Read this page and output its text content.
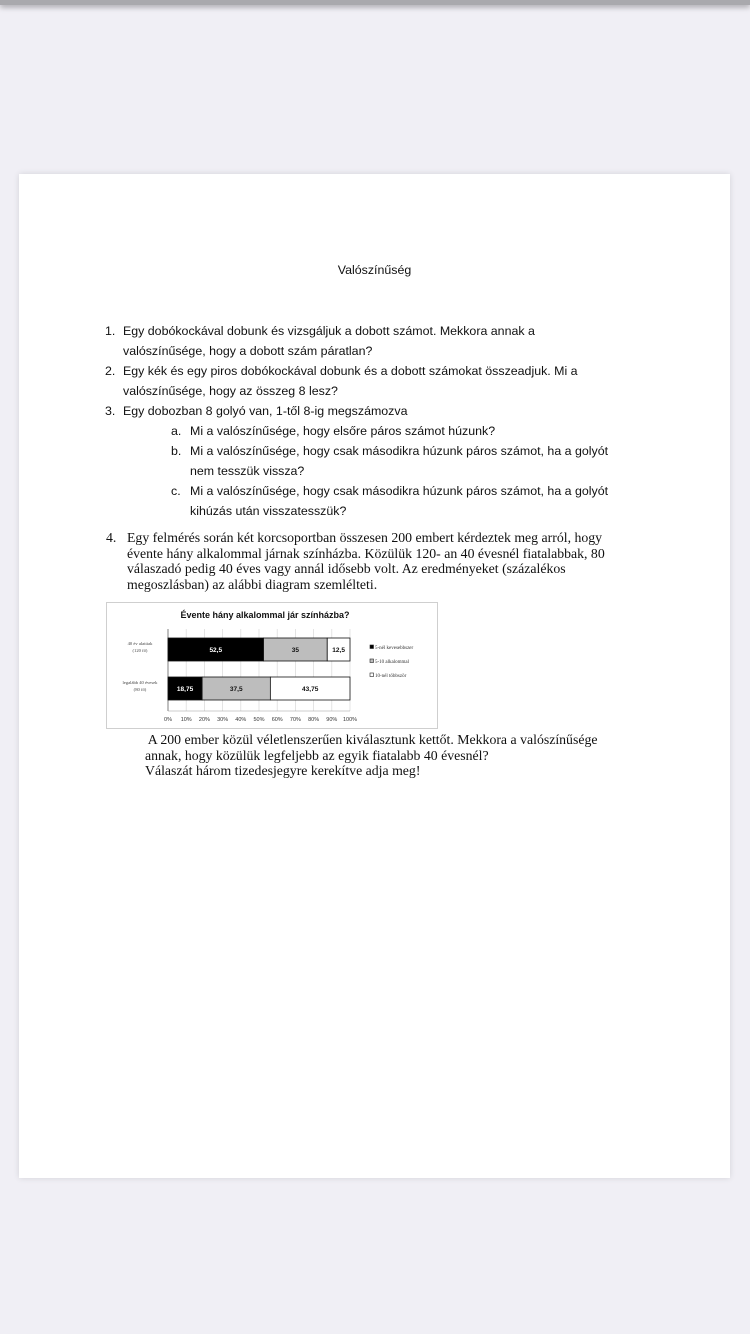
Valószínűség
1. Egy dobókockával dobunk és vizsgáljuk a dobott számot. Mekkora annak a
valószínűsége, hogy a dobott szám páratlan?
2. Egy kék és egy piros dobókockával dobunk és a dobott számokat összeadjuk. Mi a
valószínűsége, hogy az összeg 8 lesz?
3. Egy dobozban 8 golyó van, 1-től 8-ig megszámozva
a. Mi a valószínűsége, hogy elsőre páros számot húzunk?
b. Mi a valószínűsége, hogy csak másodikra húzunk páros számot, ha a golyót
nem tesszük vissza?
c. Mi a valószínűsége, hogy csak másodikra húzunk páros számot, ha a golyót
kihúzás után visszatesszük?
4. Egy felmérés során két korcsoportban összesen 200 embert kérdeztek meg arról, hogy
évente hány alkalommal járnak színházba. Közülük 120- an 40 évesnél fiatalabbak, 80
válaszadó pedig 40 éves vagy annál idősebb volt. Az eredményeket (százalékos
megoszlásban) az alábbi diagram szemlélteti.
Évente hány alkalommal jár színházba?
52,5	35	12,5
18,75	37,5	43,75
40 év alattiak
(120 fő)
legalább 40 évesek
(80 fő)
0% 10% 20% 30% 40% 50% 60% 70% 80% 90% 100%
5-nél kevesebbszer
5-10 alkalommal
10-nél többször
A 200 ember közül véletlenszerűen kiválasztunk kettőt. Mekkora a valószínűsége
annak, hogy közülük legfeljebb az egyik fiatalabb 40 évesnél?
Válaszát három tizedesjegyre kerekítve adja meg!
